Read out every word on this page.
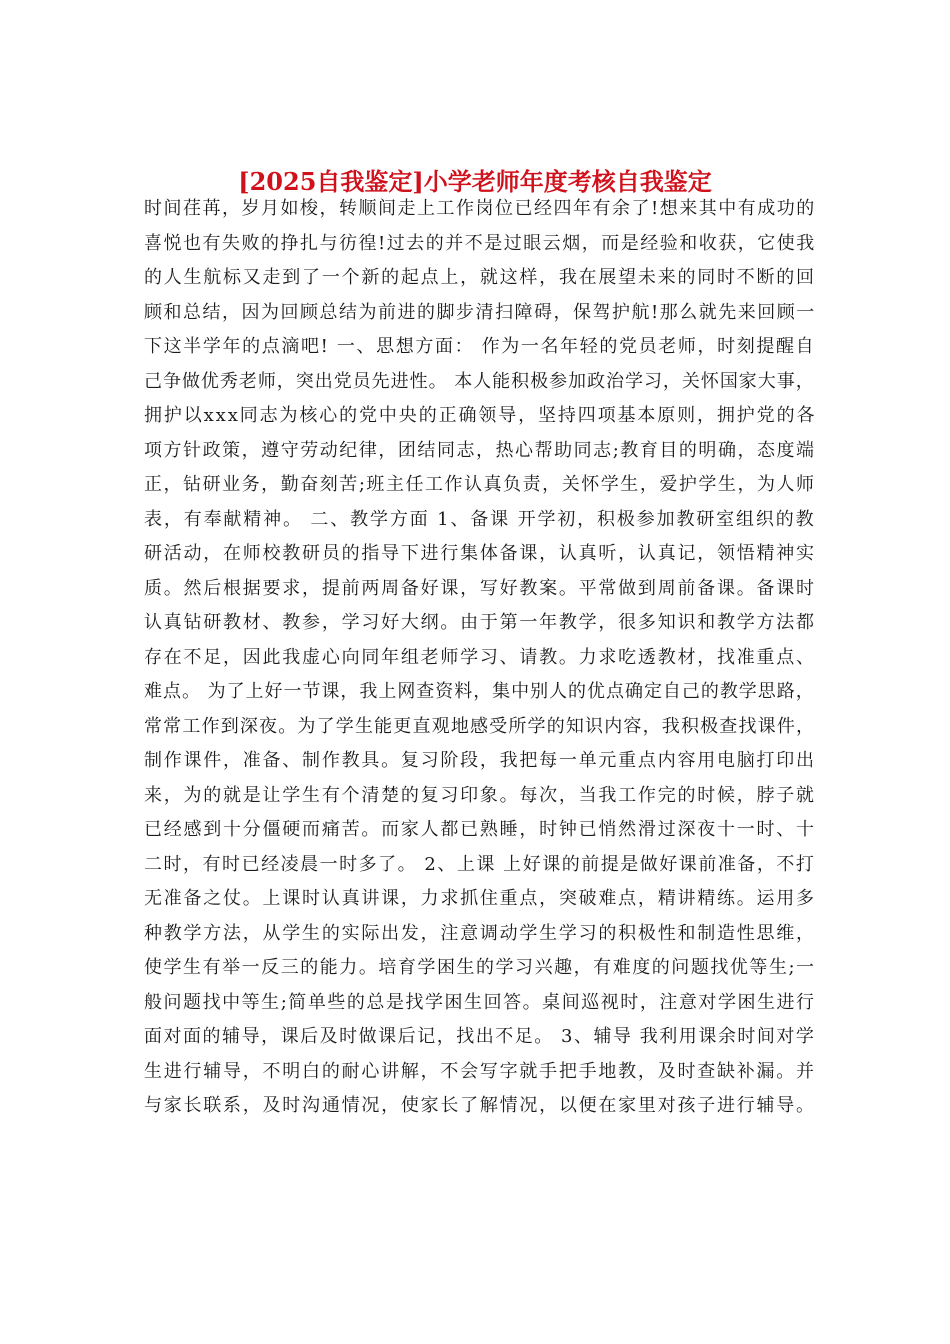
[2025自我鉴定]小学老师年度考核自我鉴定
时间荏苒，岁月如梭，转顺间走上工作岗位已经四年有余了!想来其中有成功的
喜悦也有失败的挣扎与彷徨!过去的并不是过眼云烟，而是经验和收获，它使我
的人生航标又走到了一个新的起点上，就这样，我在展望未来的同时不断的回
顾和总结，因为回顾总结为前进的脚步清扫障碍，保驾护航!那么就先来回顾一
下这半学年的点滴吧! 一、思想方面： 作为一名年轻的党员老师，时刻提醒自
己争做优秀老师，突出党员先进性。 本人能积极参加政治学习，关怀国家大事，
拥护以xxx同志为核心的党中央的正确领导，坚持四项基本原则，拥护党的各
项方针政策，遵守劳动纪律，团结同志，热心帮助同志;教育目的明确，态度端
正，钻研业务，勤奋刻苦;班主任工作认真负责，关怀学生，爱护学生，为人师
表，有奉献精神。 二、教学方面 1、备课 开学初，积极参加教研室组织的教
研活动，在师校教研员的指导下进行集体备课，认真听，认真记，领悟精神实
质。然后根据要求，提前两周备好课，写好教案。平常做到周前备课。备课时
认真钻研教材、教参，学习好大纲。由于第一年教学，很多知识和教学方法都
存在不足，因此我虚心向同年组老师学习、请教。力求吃透教材，找准重点、
难点。 为了上好一节课，我上网查资料，集中别人的优点确定自己的教学思路，
常常工作到深夜。为了学生能更直观地感受所学的知识内容，我积极查找课件，
制作课件，准备、制作教具。复习阶段，我把每一单元重点内容用电脑打印出
来，为的就是让学生有个清楚的复习印象。每次，当我工作完的时候，脖子就
已经感到十分僵硬而痛苦。而家人都已熟睡，时钟已悄然滑过深夜十一时、十
二时，有时已经凌晨一时多了。 2、上课 上好课的前提是做好课前准备，不打
无准备之仗。上课时认真讲课，力求抓住重点，突破难点，精讲精练。运用多
种教学方法，从学生的实际出发，注意调动学生学习的积极性和制造性思维，
使学生有举一反三的能力。培育学困生的学习兴趣，有难度的问题找优等生;一
般问题找中等生;简单些的总是找学困生回答。桌间巡视时，注意对学困生进行
面对面的辅导，课后及时做课后记，找出不足。 3、辅导 我利用课余时间对学
生进行辅导，不明白的耐心讲解，不会写字就手把手地教，及时查缺补漏。并
与家长联系，及时沟通情况，使家长了解情况，以便在家里对孩子进行辅导。
